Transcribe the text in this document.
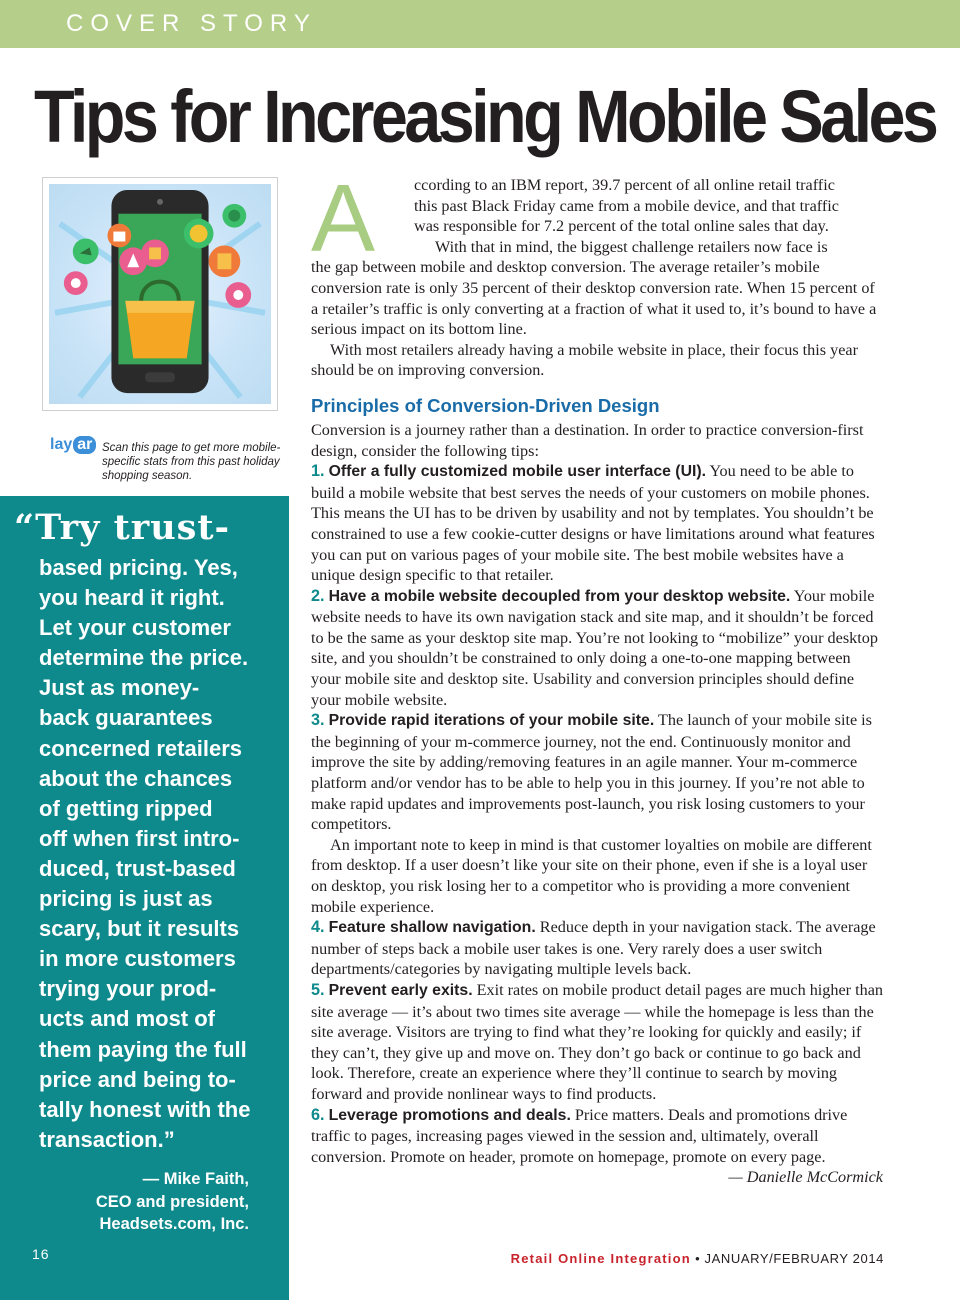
COVER STORY
Tips for Increasing Mobile Sales
lay ar Scan this page to get more mobile-specific stats from this past holiday shopping season.
“Try trust-
based pricing. Yes,
you heard it right.
Let your customer
determine the price.
Just as money-
back guarantees
concerned retailers
about the chances
of getting ripped
off when first intro-
duced, trust-based
pricing is just as
scary, but it results
in more customers
trying your prod-
ucts and most of
them paying the full
price and being to-
tally honest with the
transaction.”
— Mike Faith,
CEO and president,
Headsets.com, Inc.
16
A	ccording to an IBM report, 39.7 percent of all online retail traffic
this past Black Friday came from a mobile device, and that traffic
was responsible for 7.2 percent of the total online sales that day.
With that in mind, the biggest challenge retailers now face is
the gap between mobile and desktop conversion. The average retailer’s mobile conversion rate is only 35 percent of their desktop conversion rate. When 15 percent of a retailer’s traffic is only converting at a fraction of what it used to, it’s bound to have a serious impact on its bottom line.

With most retailers already having a mobile website in place, their focus this year should be on improving conversion.

Principles of Conversion-Driven Design

Conversion is a journey rather than a destination. In order to practice conversion-first design, consider the following tips:

1. Offer a fully customized mobile user interface (UI). You need to be able to build a mobile website that best serves the needs of your customers on mobile phones. This means the UI has to be driven by usability and not by templates. You shouldn’t be constrained to use a few cookie-cutter designs or have limitations around what features you can put on various pages of your mobile site. The best mobile websites have a unique design specific to that retailer.

2. Have a mobile website decoupled from your desktop website. Your mobile website needs to have its own navigation stack and site map, and it shouldn’t be forced to be the same as your desktop site map. You’re not looking to “mobilize” your desktop site, and you shouldn’t be constrained to only doing a one-to-one mapping between your mobile site and desktop site. Usability and conversion principles should define your mobile website.

3. Provide rapid iterations of your mobile site. The launch of your mobile site is the beginning of your m-commerce journey, not the end. Continuously monitor and improve the site by adding/removing features in an agile manner. Your m-commerce platform and/or vendor has to be able to help you in this journey. If you’re not able to make rapid updates and improvements post-launch, you risk losing customers to your competitors.

An important note to keep in mind is that customer loyalties on mobile are different from desktop. If a user doesn’t like your site on their phone, even if she is a loyal user on desktop, you risk losing her to a competitor who is providing a more convenient mobile experience.

4. Feature shallow navigation. Reduce depth in your navigation stack. The average number of steps back a mobile user takes is one. Very rarely does a user switch departments/categories by navigating multiple levels back.

5. Prevent early exits. Exit rates on mobile product detail pages are much higher than site average — it’s about two times site average — while the homepage is less than the site average. Visitors are trying to find what they’re looking for quickly and easily; if they can’t, they give up and move on. They don’t go back or continue to go back and look. Therefore, create an experience where they’ll continue to search by moving forward and provide nonlinear ways to find products.

6. Leverage promotions and deals. Price matters. Deals and promotions drive traffic to pages, increasing pages viewed in the session and, ultimately, overall conversion. Promote on header, promote on homepage, promote on every page.

— Danielle McCormick

Retail Online Integration • JANUARY/FEBRUARY 2014
